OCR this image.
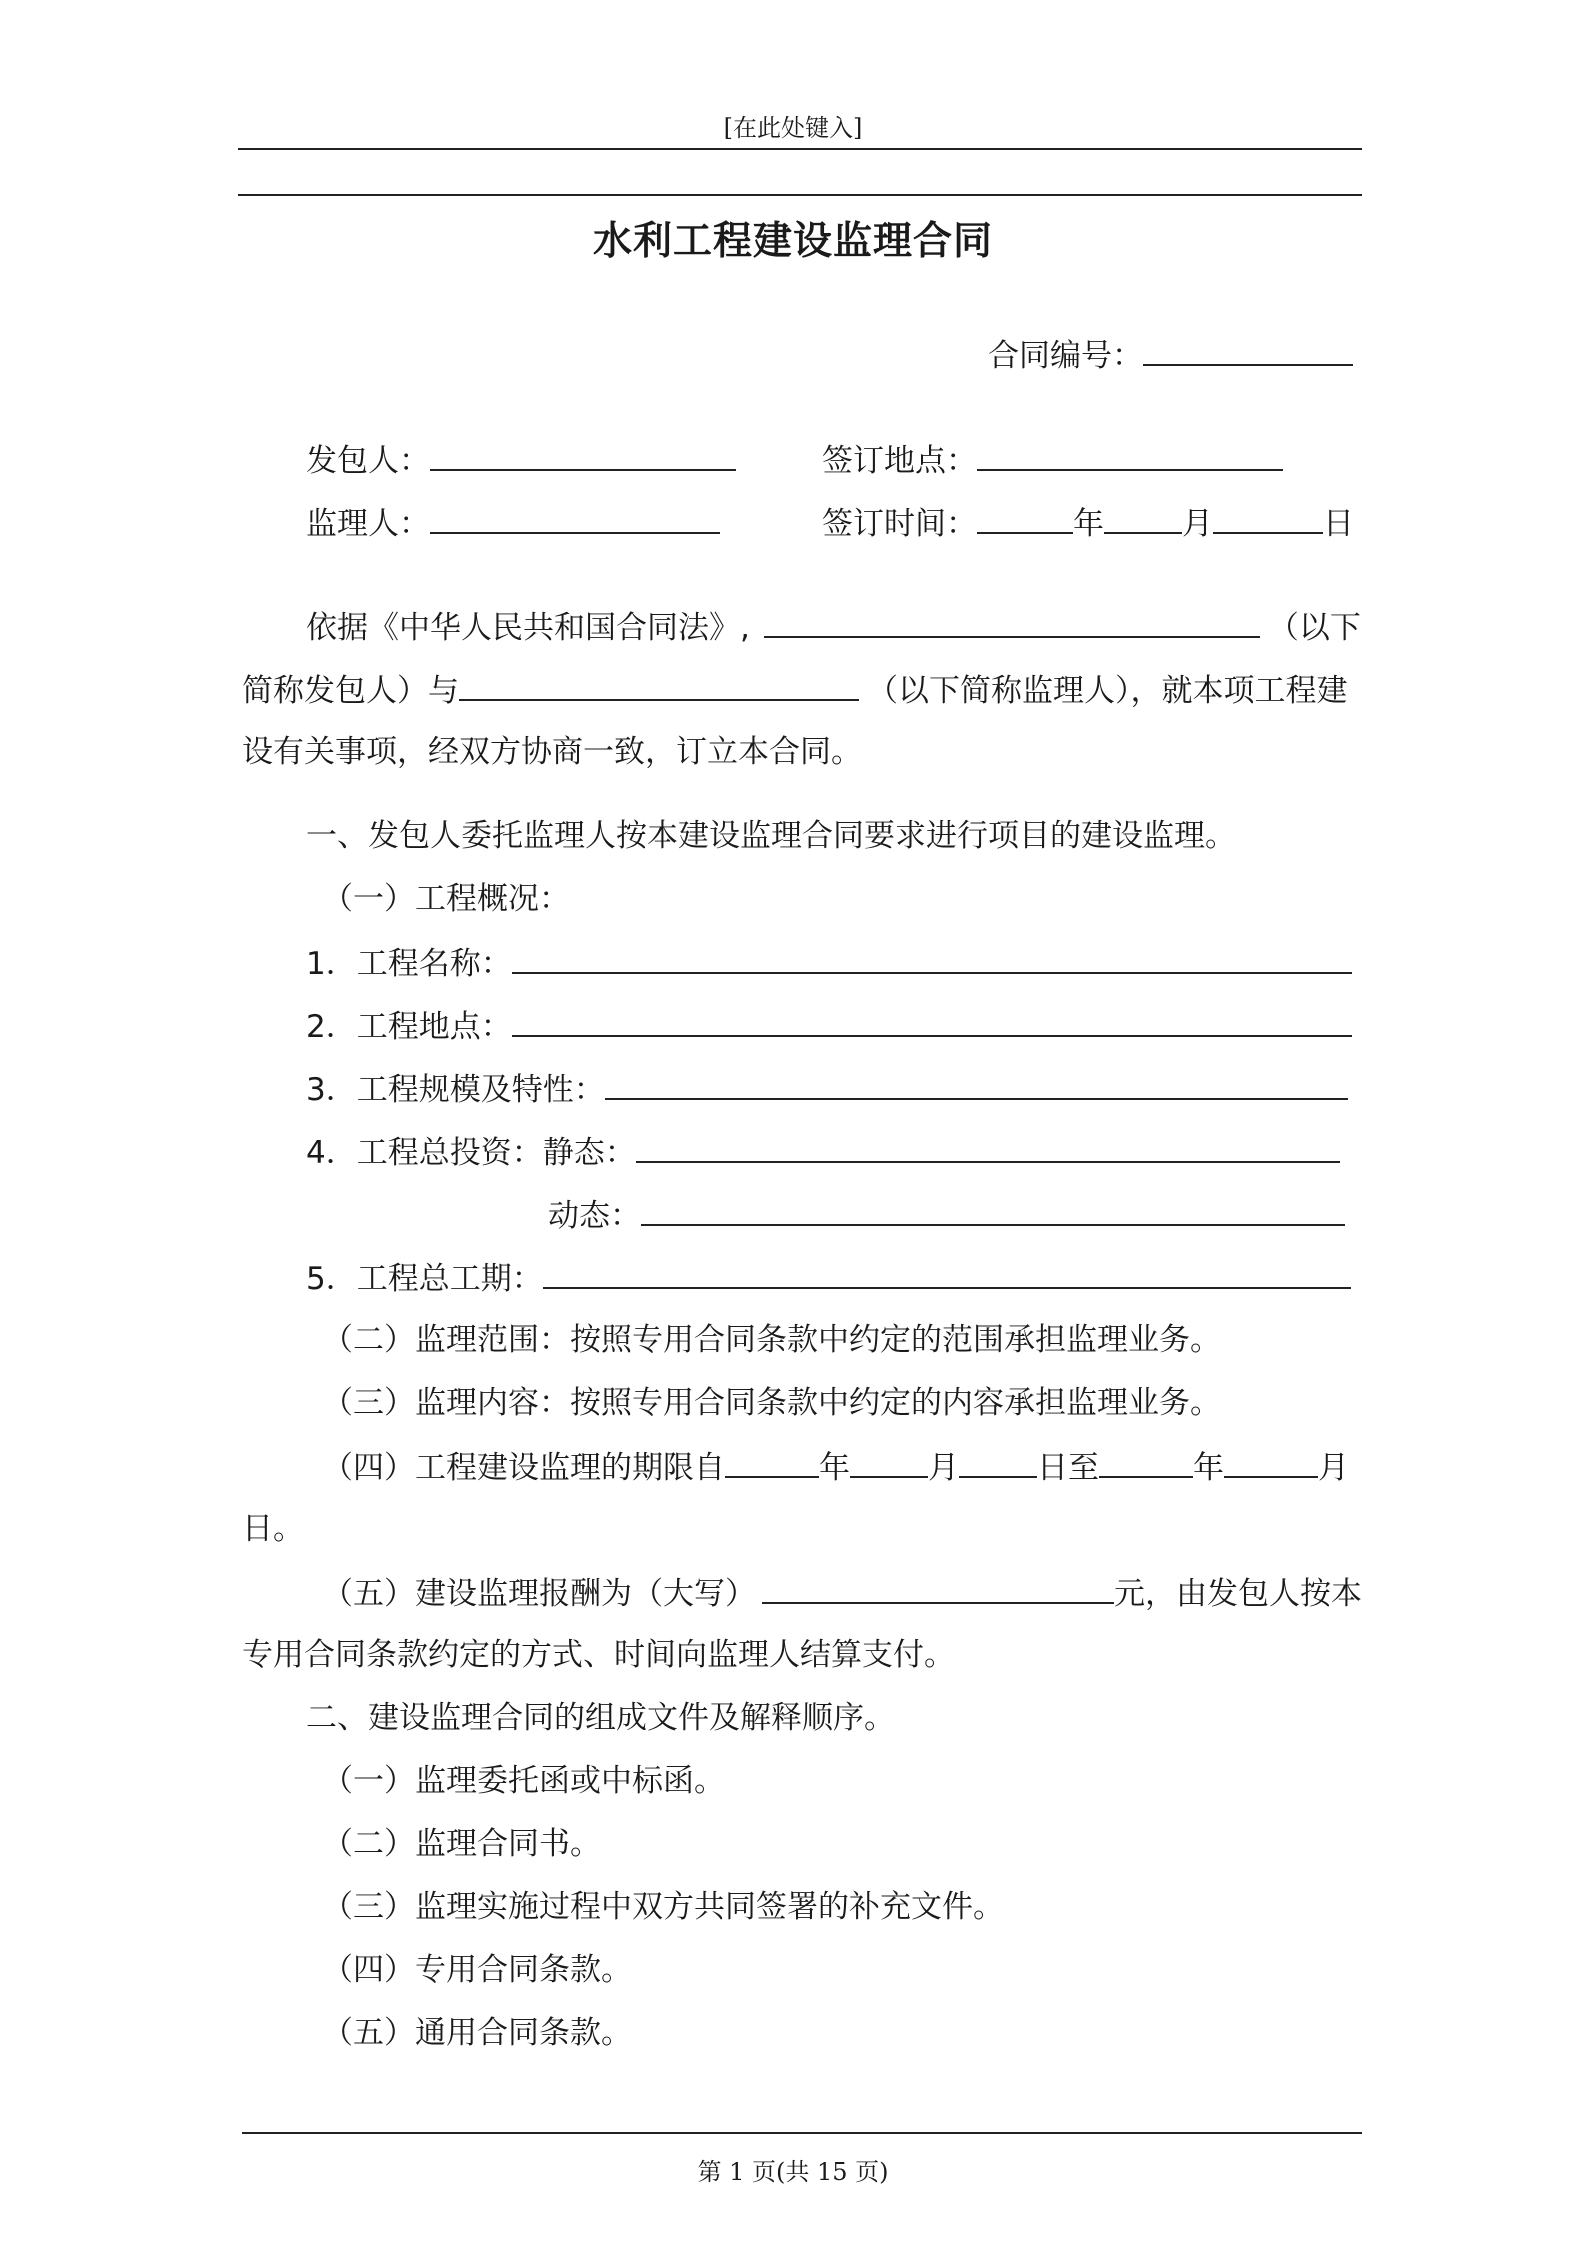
[在此处键入]
水利工程建设监理合同
合同编号：
发包人：	签订地点：
监理人：	签订时间：	年	月	日
依据《中华人民共和国合同法》,	（以下
简称发包人）与	（以下简称监理人），就本项工程建
设有关事项，经双方协商一致，订立本合同。
一、发包人委托监理人按本建设监理合同要求进行项目的建设监理。
（一）工程概况：
1．工程名称：
2．工程地点：
3．工程规模及特性：
4．工程总投资：静态：
动态：
5．工程总工期：
（二）监理范围：按照专用合同条款中约定的范围承担监理业务。
（三）监理内容：按照专用合同条款中约定的内容承担监理业务。
（四）工程建设监理的期限自	年	月	日至	年	月
日。
（五）建设监理报酬为（大写）	元，由发包人按本
专用合同条款约定的方式、时间向监理人结算支付。
二、建设监理合同的组成文件及解释顺序。
（一）监理委托函或中标函。
（二）监理合同书。
（三）监理实施过程中双方共同签署的补充文件。
（四）专用合同条款。
（五）通用合同条款。
第 1 页(共 15 页)
